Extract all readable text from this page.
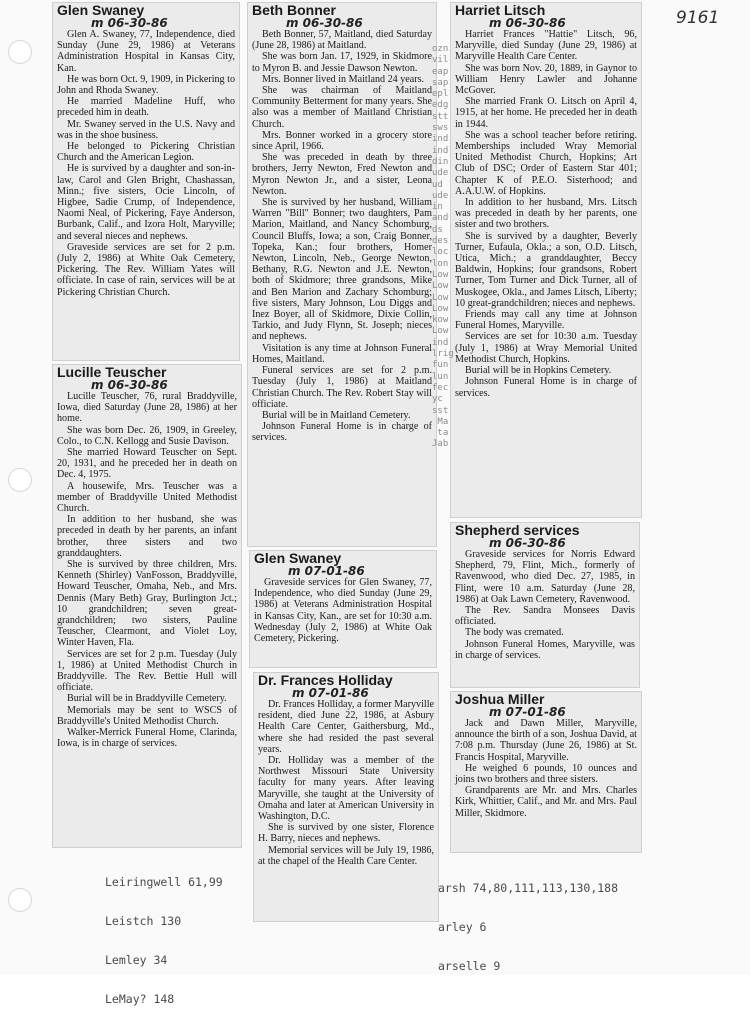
9161
Glen Swaney
m 06-30-86

Glen A. Swaney, 77, Independence, died Sunday (June 29, 1986) at Veterans Administration Hospital in Kansas City, Kan.

He was born Oct. 9, 1909, in Pickering to John and Rhoda Swaney.

He married Madeline Huff, who preceded him in death.

Mr. Swaney served in the U.S. Navy and was in the shoe business.

He belonged to Pickering Christian Church and the American Legion.

He is survived by a daughter and son-in-law, Carol and Glen Bright, Chashassan, Minn.; five sisters, Ocie Lincoln, of Higbee, Sadie Crump, of Independence, Naomi Neal, of Pickering, Faye Anderson, Burbank, Calif., and Izora Holt, Maryville; and several nieces and nephews.

Graveside services are set for 2 p.m. (July 2, 1986) at White Oak Cemetery, Pickering. The Rev. William Yates will officiate. In case of rain, services will be at Pickering Christian Church.

Lucille Teuscher
m 06-30-86

Lucille Teuscher, 76, rural Braddyville, Iowa, died Saturday (June 28, 1986) at her home.

She was born Dec. 26, 1909, in Greeley, Colo., to C.N. Kellogg and Susie Davison.

She married Howard Teuscher on Sept. 20, 1931, and he preceded her in death on Dec. 4, 1975.

A housewife, Mrs. Teuscher was a member of Braddyville United Methodist Church.

In addition to her husband, she was preceded in death by her parents, an infant brother, three sisters and two granddaughters.

She is survived by three children, Mrs. Kenneth (Shirley) VanFosson, Braddyville, Howard Teuscher, Omaha, Neb., and Mrs. Dennis (Mary Beth) Gray, Burlington Jct.; 10 grandchildren; seven great-grandchildren; two sisters, Pauline Teuscher, Clearmont, and Violet Loy, Winter Haven, Fla.

Services are set for 2 p.m. Tuesday (July 1, 1986) at United Methodist Church in Braddyville. The Rev. Bettie Hull will officiate.

Burial will be in Braddyville Cemetery.

Memorials may be sent to WSCS of Braddyville's United Methodist Church.

Walker-Merrick Funeral Home, Clarinda, Iowa, is in charge of services.

Beth Bonner
m 06-30-86

Beth Bonner, 57, Maitland, died Saturday (June 28, 1986) at Maitland.

She was born Jan. 17, 1929, in Skidmore to Myron B. and Jessie Dawson Newton.

Mrs. Bonner lived in Maitland 24 years.

She was chairman of Maitland Community Betterment for many years. She also was a member of Maitland Christian Church.

Mrs. Bonner worked in a grocery store since April, 1966.

She was preceded in death by three brothers, Jerry Newton, Fred Newton and Myron Newton Jr., and a sister, Leona Newton.

She is survived by her husband, William Warren "Bill" Bonner; two daughters, Pam Marion, Maitland, and Nancy Schomburg, Council Bluffs, Iowa; a son, Craig Bonner, Topeka, Kan.; four brothers, Homer Newton, Lincoln, Neb., George Newton, Bethany, R.G. Newton and J.E. Newton, both of Skidmore; three grandsons, Mike and Ben Marion and Zachary Schomburg; five sisters, Mary Johnson, Lou Diggs and Inez Boyer, all of Skidmore, Dixie Collin, Tarkio, and Judy Flynn, St. Joseph; nieces and nephews.

Visitation is any time at Johnson Funeral Homes, Maitland.

Funeral services are set for 2 p.m. Tuesday (July 1, 1986) at Maitland Christian Church. The Rev. Robert Stay will officiate.

Burial will be in Maitland Cemetery.

Johnson Funeral Home is in charge of services.

Glen Swaney
m 07-01-86

Graveside services for Glen Swaney, 77, Independence, who died Sunday (June 29, 1986) at Veterans Administration Hospital in Kansas City, Kan., are set for 10:30 a.m. Wednesday (July 2, 1986) at White Oak Cemetery, Pickering.

Dr. Frances Holliday
m 07-01-86

Dr. Frances Holliday, a former Maryville resident, died June 22, 1986, at Asbury Health Care Center, Gaithersburg, Md., where she had resided the past several years.

Dr. Holliday was a member of the Northwest Missouri State University faculty for many years. After leaving Maryville, she taught at the University of Omaha and later at American University in Washington, D.C.

She is survived by one sister, Florence H. Barry, nieces and nephews.

Memorial services will be July 19, 1986, at the chapel of the Health Care Center.

Harriet Litsch
m 06-30-86

Harriet Frances "Hattie" Litsch, 96, Maryville, died Sunday (June 29, 1986) at Maryville Health Care Center.

She was born Nov. 20, 1889, in Gaynor to William Henry Lawler and Johanne McGover.

She married Frank O. Litsch on April 4, 1915, at her home. He preceded her in death in 1944.

She was a school teacher before retiring. Memberships included Wray Memorial United Methodist Church, Hopkins; Art Club of DSC; Order of Eastern Star 401; Chapter K of P.E.O. Sisterhood; and A.A.U.W. of Hopkins.

In addition to her husband, Mrs. Litsch was preceded in death by her parents, one sister and two brothers.

She is survived by a daughter, Beverly Turner, Eufaula, Okla.; a son, O.D. Litsch, Utica, Mich.; a granddaughter, Beccy Baldwin, Hopkins; four grandsons, Robert Turner, Tom Turner and Dick Turner, all of Muskogee, Okla., and James Litsch, Liberty; 10 great-grandchildren; nieces and nephews.

Friends may call any time at Johnson Funeral Homes, Maryville.

Services are set for 10:30 a.m. Tuesday (July 1, 1986) at Wray Memorial United Methodist Church, Hopkins.

Burial will be in Hopkins Cemetery.

Johnson Funeral Home is in charge of services.

Shepherd services
m 06-30-86

Graveside services for Norris Edward Shepherd, 79, Flint, Mich., formerly of Ravenwood, who died Dec. 27, 1985, in Flint, were 10 a.m. Saturday (June 28, 1986) at Oak Lawn Cemetery, Ravenwood.

The Rev. Sandra Monsees Davis officiated.

The body was cremated.

Johnson Funeral Homes, Maryville, was in charge of services.

Joshua Miller
m 07-01-86

Jack and Dawn Miller, Maryville, announce the birth of a son, Joshua David, at 7:08 p.m. Thursday (June 26, 1986) at St. Francis Hospital, Maryville.

He weighed 6 pounds, 10 ounces and joins two brothers and three sisters.

Grandparents are Mr. and Mrs. Charles Kirk, Whittier, Calif., and Mr. and Mrs. Paul Miller, Skidmore.

ozn
vil
eap
sap
epl
edg
stt
sws
ind
ind
din
ude
ud
ude
in
and
ds
des
loc
lon
Low
Low
Low
Low
kow
Low
ind
lrig
fun
lun
fec
yc
sst
Ma
ta
Jab

Leiringwell 61,99

Leistch 130

Lemley 34

LeMay? 148

arsh 74,80,111,113,130,188

arley 6

arselle 9
